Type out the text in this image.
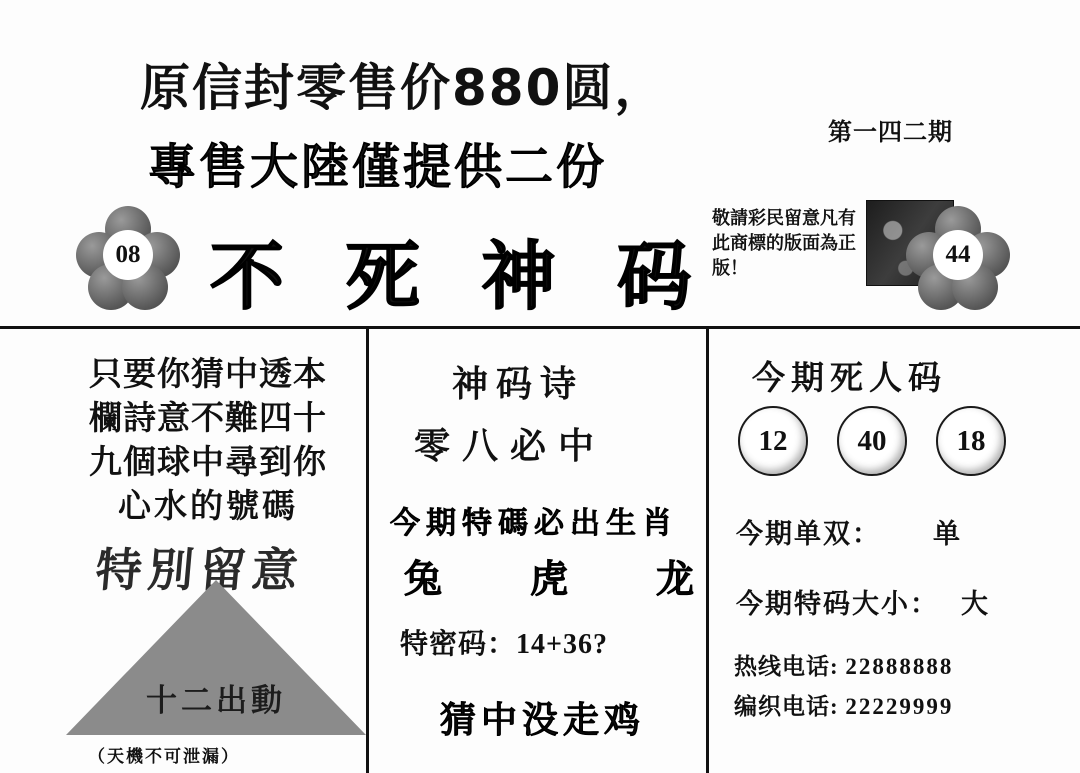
原信封零售价880圆，
專售大陸僅提供二份
第一四二期
08 不 死 神 码
敬請彩民留意凡有此商標的版面為正版！
44
只要你猜中透本
欄詩意不難四十
九個球中尋到你
心水的號碼
特別留意
十二出動
（天機不可泄漏）
神码诗
零八必中
今期特碼必出生肖
兔 虎 龙
特密码：14+36?
猜中没走鸡
今期死人码
12	40	18
今期单双： 单
今期特码大小： 大
热线电话: 22888888
编织电话: 22229999
